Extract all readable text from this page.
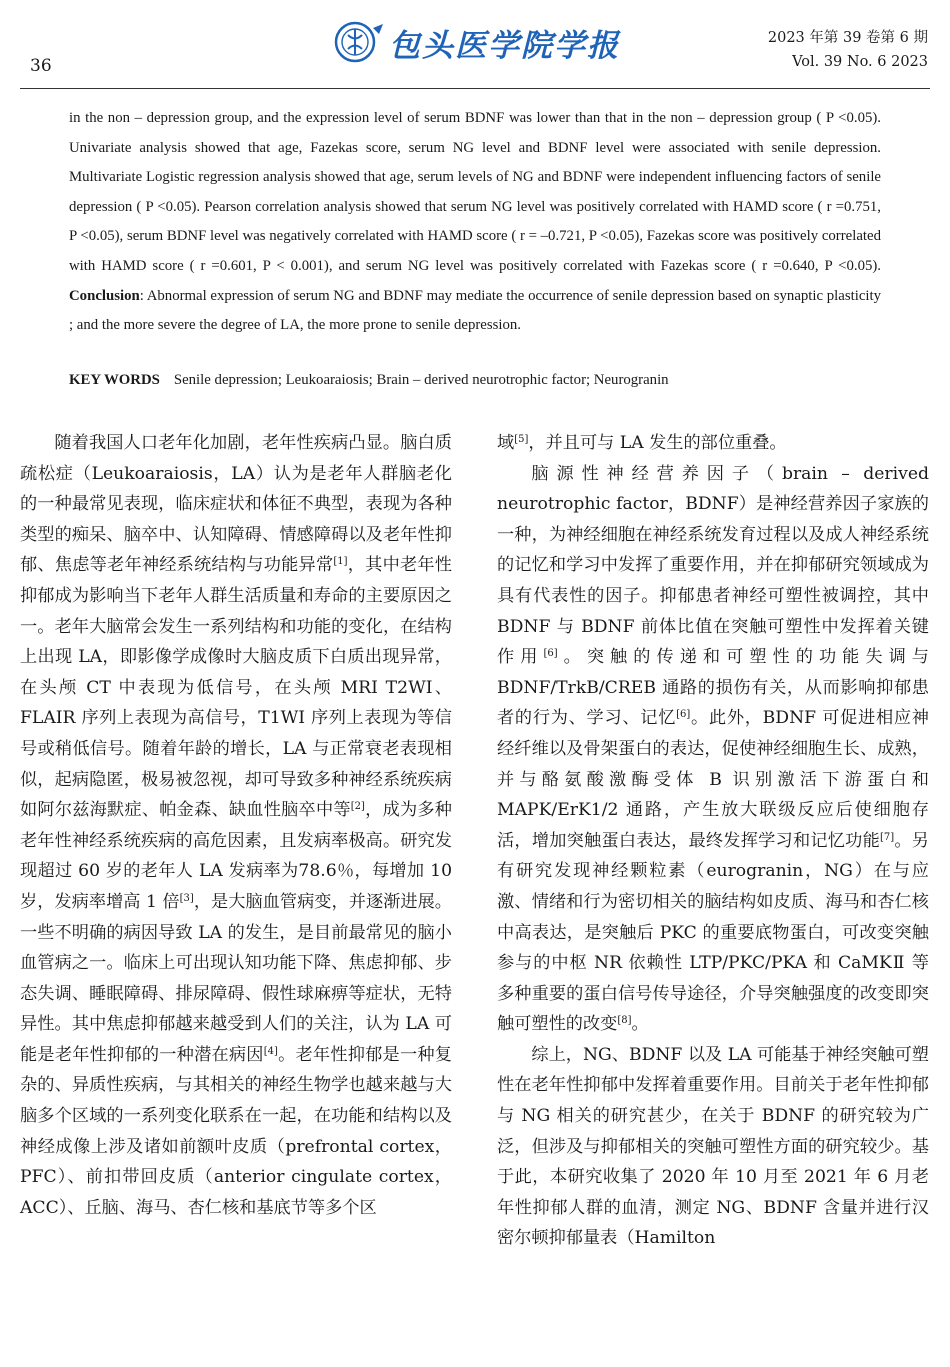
36
包头医学院学报	2023 年第 39 卷第 6 期
Vol. 39 No. 6 2023

in the non – depression group, and the expression level of serum BDNF was lower than that in the non – depression group ( P <0.05). Univariate analysis showed that age, Fazekas score, serum NG level and BDNF level were associated with senile depression. Multivariate Logistic regression analysis showed that age, serum levels of NG and BDNF were independent influencing factors of senile depression ( P <0.05). Pearson correlation analysis showed that serum NG level was positively correlated with HAMD score ( r =0.751, P <0.05), serum BDNF level was negatively correlated with HAMD score ( r = –0.721, P <0.05), Fazekas score was positively correlated with HAMD score ( r =0.601, P < 0.001), and serum NG level was positively correlated with Fazekas score ( r =0.640, P <0.05). Conclusion: Abnormal expression of serum NG and BDNF may mediate the occurrence of senile depression based on synaptic plasticity ; and the more severe the degree of LA, the more prone to senile depression.

KEY WORDS Senile depression; Leukoaraiosis; Brain – derived neurotrophic factor; Neurogranin

随着我国人口老年化加剧，老年性疾病凸显。脑白质疏松症（Leukoaraiosis，LA）认为是老年人群脑老化的一种最常见表现，临床症状和体征不典型，表现为各种类型的痴呆、脑卒中、认知障碍、情感障碍以及老年性抑郁、焦虑等老年神经系统结构与功能异常[1]，其中老年性抑郁成为影响当下老年人群生活质量和寿命的主要原因之一。老年大脑常会发生一系列结构和功能的变化，在结构上出现 LA，即影像学成像时大脑皮质下白质出现异常，在头颅 CT 中表现为低信号，在头颅 MRI T2WI、FLAIR 序列上表现为高信号，T1WI 序列上表现为等信号或稍低信号。随着年龄的增长，LA 与正常衰老表现相似，起病隐匿，极易被忽视，却可导致多种神经系统疾病如阿尔兹海默症、帕金森、缺血性脑卒中等[2]，成为多种老年性神经系统疾病的高危因素，且发病率极高。研究发现超过 60 岁的老年人 LA 发病率为78.6％，每增加 10 岁，发病率增高 1 倍[3]，是大脑血管病变，并逐渐进展。一些不明确的病因导致 LA 的发生，是目前最常见的脑小血管病之一。临床上可出现认知功能下降、焦虑抑郁、步态失调、睡眠障碍、排尿障碍、假性球麻痹等症状，无特异性。其中焦虑抑郁越来越受到人们的关注，认为 LA 可能是老年性抑郁的一种潜在病因[4]。老年性抑郁是一种复杂的、异质性疾病，与其相关的神经生物学也越来越与大脑多个区域的一系列变化联系在一起，在功能和结构以及神经成像上涉及诸如前额叶皮质（prefrontal cortex，PFC）、前扣带回皮质（anterior cingulate cortex，ACC）、丘脑、海马、杏仁核和基底节等多个区

域[5]，并且可与 LA 发生的部位重叠。

脑源性神经营养因子（brain – derived neurotrophic factor，BDNF）是神经营养因子家族的一种，为神经细胞在神经系统发育过程以及成人神经系统的记忆和学习中发挥了重要作用，并在抑郁研究领域成为具有代表性的因子。抑郁患者神经可塑性被调控，其中 BDNF 与 BDNF 前体比值在突触可塑性中发挥着关键作用[6]。突触的传递和可塑性的功能失调与 BDNF/TrkB/CREB 通路的损伤有关，从而影响抑郁患者的行为、学习、记忆[6]。此外，BDNF 可促进相应神经纤维以及骨架蛋白的表达，促使神经细胞生长、成熟，并与酪氨酸激酶受体 B 识别激活下游蛋白和 MAPK/ErK1/2 通路，产生放大联级反应后使细胞存活，增加突触蛋白表达，最终发挥学习和记忆功能[7]。另有研究发现神经颗粒素（eurogranin，NG）在与应激、情绪和行为密切相关的脑结构如皮质、海马和杏仁核中高表达，是突触后 PKC 的重要底物蛋白，可改变突触参与的中枢 NR 依赖性 LTP/PKC/PKA 和 CaMKⅡ 等多种重要的蛋白信号传导途径，介导突触强度的改变即突触可塑性的改变[8]。

综上，NG、BDNF 以及 LA 可能基于神经突触可塑性在老年性抑郁中发挥着重要作用。目前关于老年性抑郁与 NG 相关的研究甚少，在关于 BDNF 的研究较为广泛，但涉及与抑郁相关的突触可塑性方面的研究较少。基于此，本研究收集了 2020 年 10 月至 2021 年 6 月老年性抑郁人群的血清，测定 NG、BDNF 含量并进行汉密尔顿抑郁量表（Hamilton
